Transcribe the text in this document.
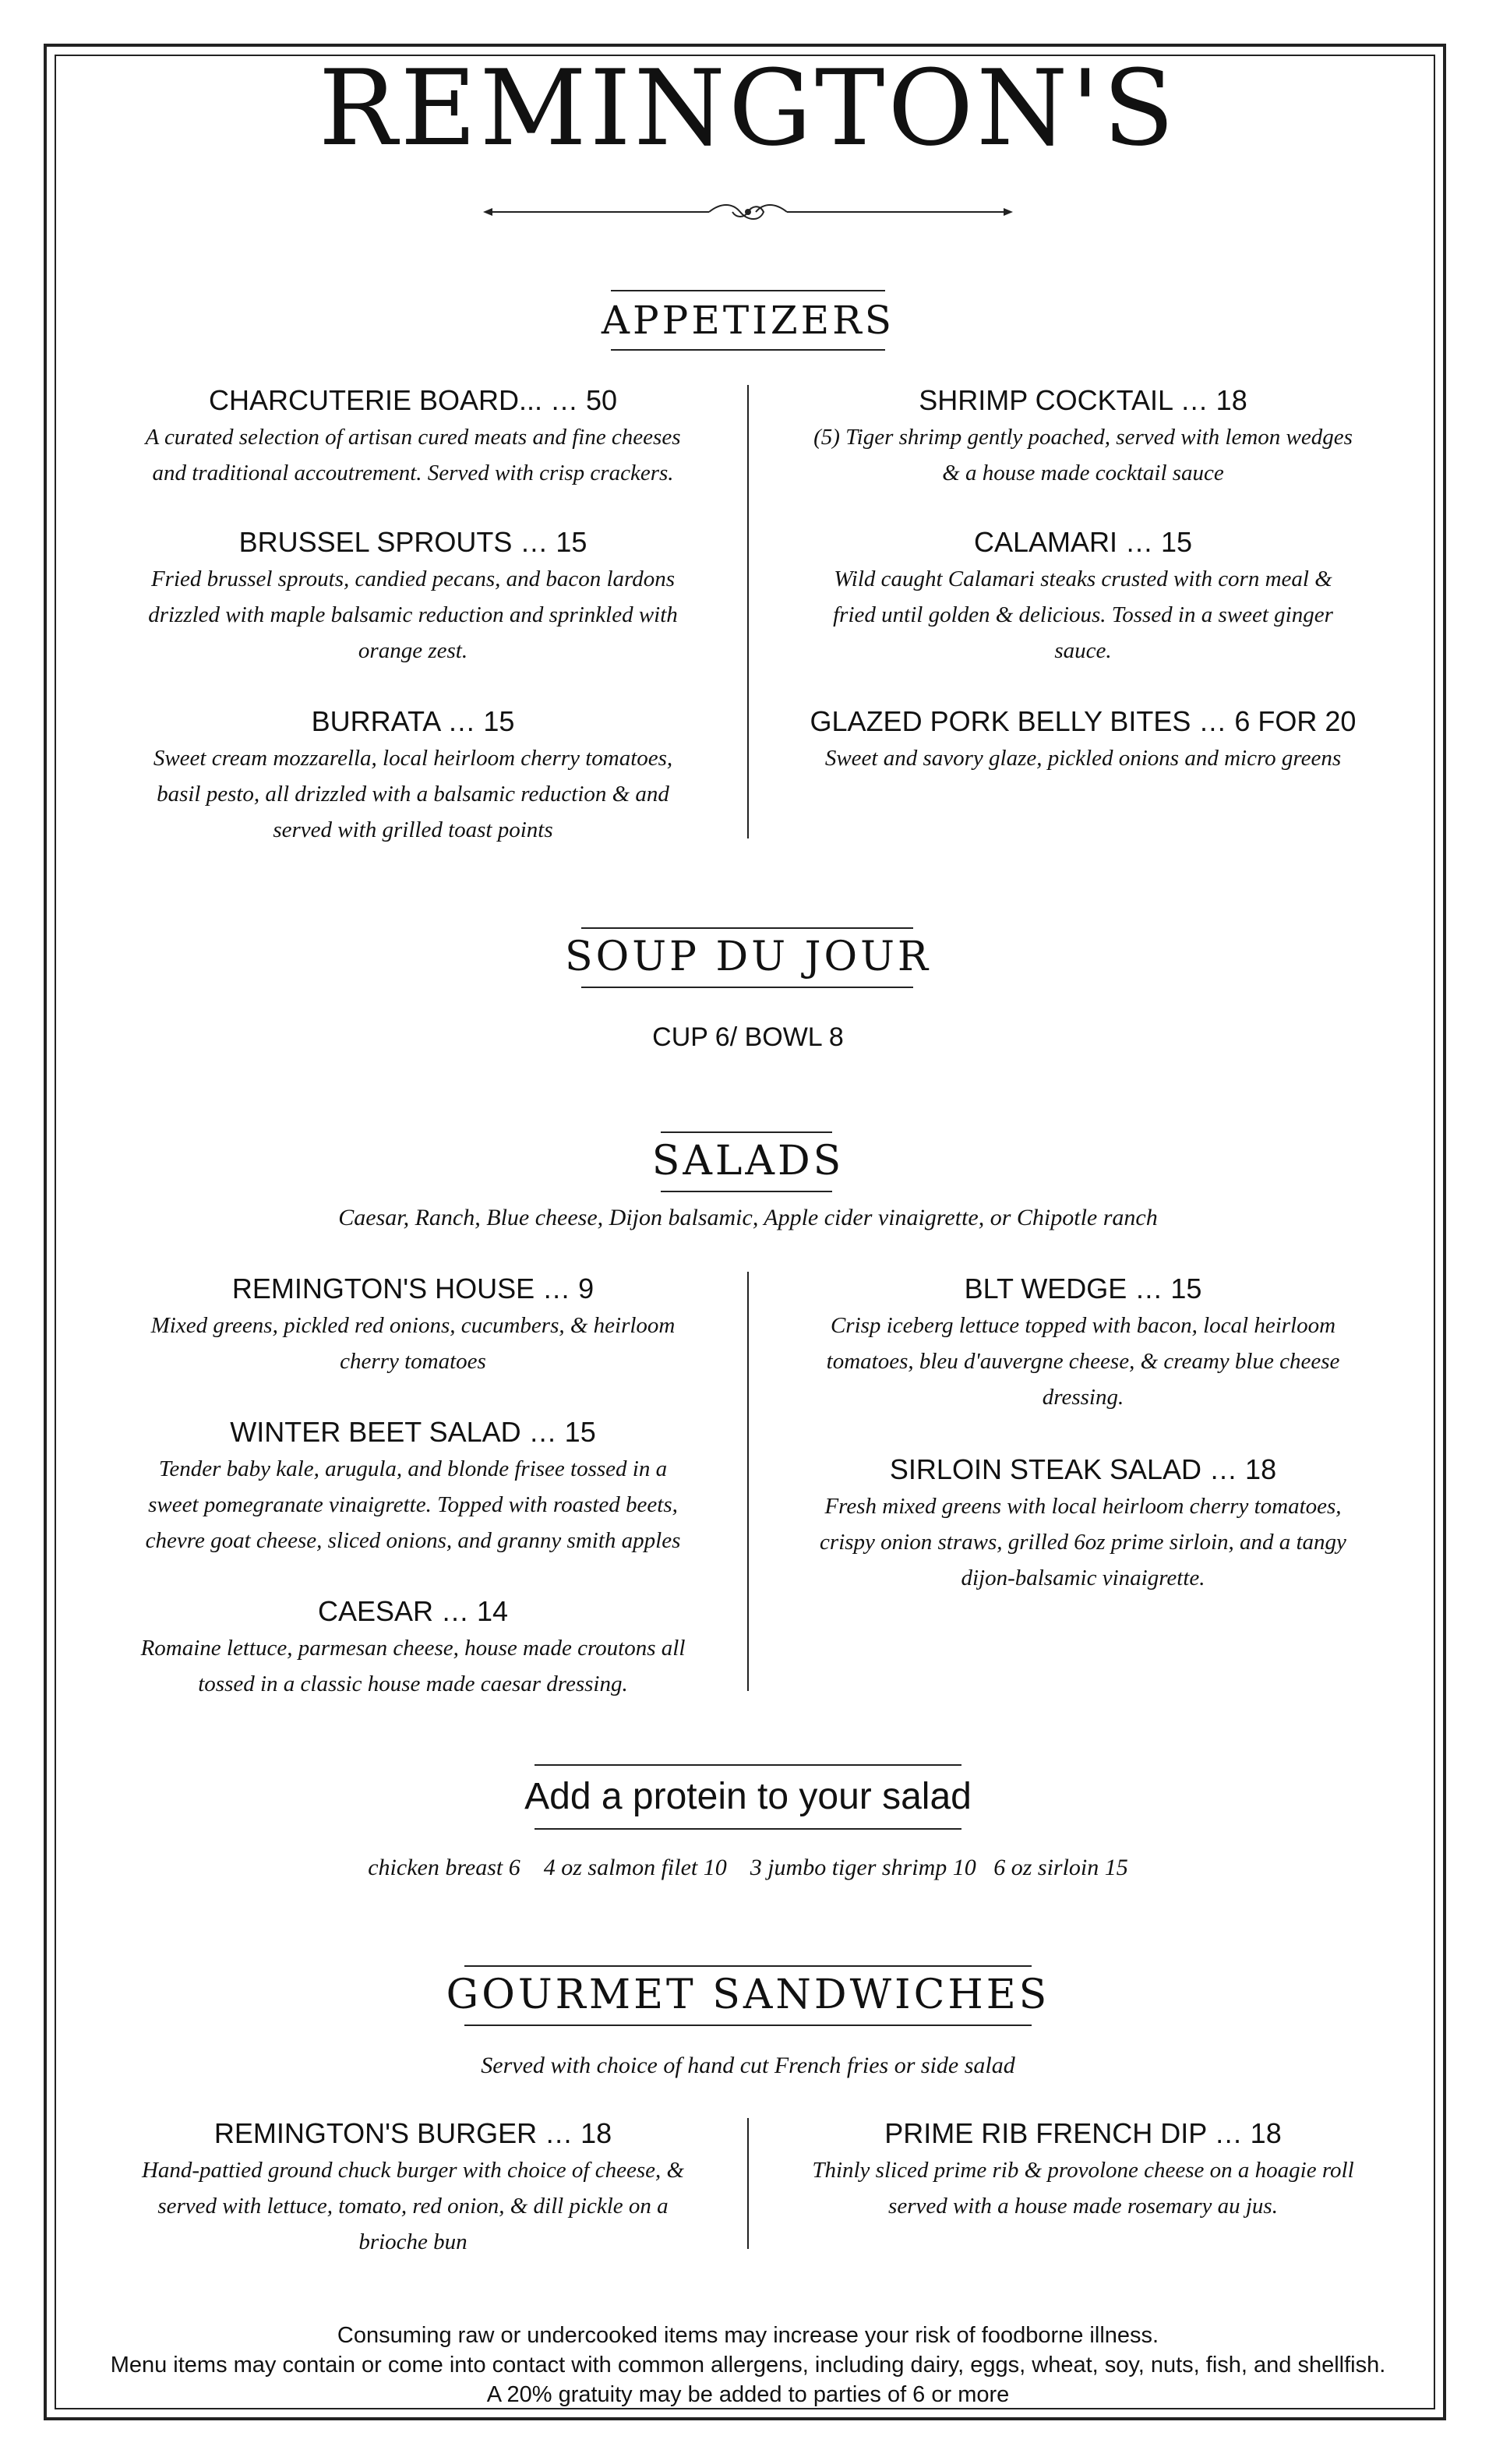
REMINGTON'S
APPETIZERS
CHARCUTERIE BOARD... … 50
A curated selection of artisan cured meats and fine cheeses
and traditional accoutrement. Served with crisp crackers.
BRUSSEL SPROUTS … 15
Fried brussel sprouts, candied pecans, and bacon lardons
drizzled with maple balsamic reduction and sprinkled with
orange zest.
BURRATA … 15
Sweet cream mozzarella, local heirloom cherry tomatoes,
basil pesto, all drizzled with a balsamic reduction & and
served with grilled toast points
SHRIMP COCKTAIL … 18
(5) Tiger shrimp gently poached, served with lemon wedges
& a house made cocktail sauce
CALAMARI … 15
Wild caught Calamari steaks crusted with corn meal &
fried until golden & delicious. Tossed in a sweet ginger
sauce.
GLAZED PORK BELLY BITES … 6 FOR 20
Sweet and savory glaze, pickled onions and micro greens
SOUP DU JOUR
CUP 6/ BOWL 8
SALADS
Caesar, Ranch, Blue cheese, Dijon balsamic, Apple cider vinaigrette, or Chipotle ranch
REMINGTON'S HOUSE … 9
Mixed greens, pickled red onions, cucumbers, & heirloom
cherry tomatoes
WINTER BEET SALAD … 15
Tender baby kale, arugula, and blonde frisee tossed in a
sweet pomegranate vinaigrette. Topped with roasted beets,
chevre goat cheese, sliced onions, and granny smith apples
CAESAR … 14
Romaine lettuce, parmesan cheese, house made croutons all
tossed in a classic house made caesar dressing.
BLT WEDGE … 15
Crisp iceberg lettuce topped with bacon, local heirloom
tomatoes, bleu d'auvergne cheese, & creamy blue cheese
dressing.
SIRLOIN STEAK SALAD … 18
Fresh mixed greens with local heirloom cherry tomatoes,
crispy onion straws, grilled 6oz prime sirloin, and a tangy
dijon-balsamic vinaigrette.
Add a protein to your salad
chicken breast 6    4 oz salmon filet 10    3 jumbo tiger shrimp 10   6 oz sirloin 15
GOURMET SANDWICHES
Served with choice of hand cut French fries or side salad
REMINGTON'S BURGER … 18
Hand-pattied ground chuck burger with choice of cheese, &
served with lettuce, tomato, red onion, & dill pickle on a
brioche bun
PRIME RIB FRENCH DIP … 18
Thinly sliced prime rib & provolone cheese on a hoagie roll
served with a house made rosemary au jus.
Consuming raw or undercooked items may increase your risk of foodborne illness.
Menu items may contain or come into contact with common allergens, including dairy, eggs, wheat, soy, nuts, fish, and shellfish.
A 20% gratuity may be added to parties of 6 or more
